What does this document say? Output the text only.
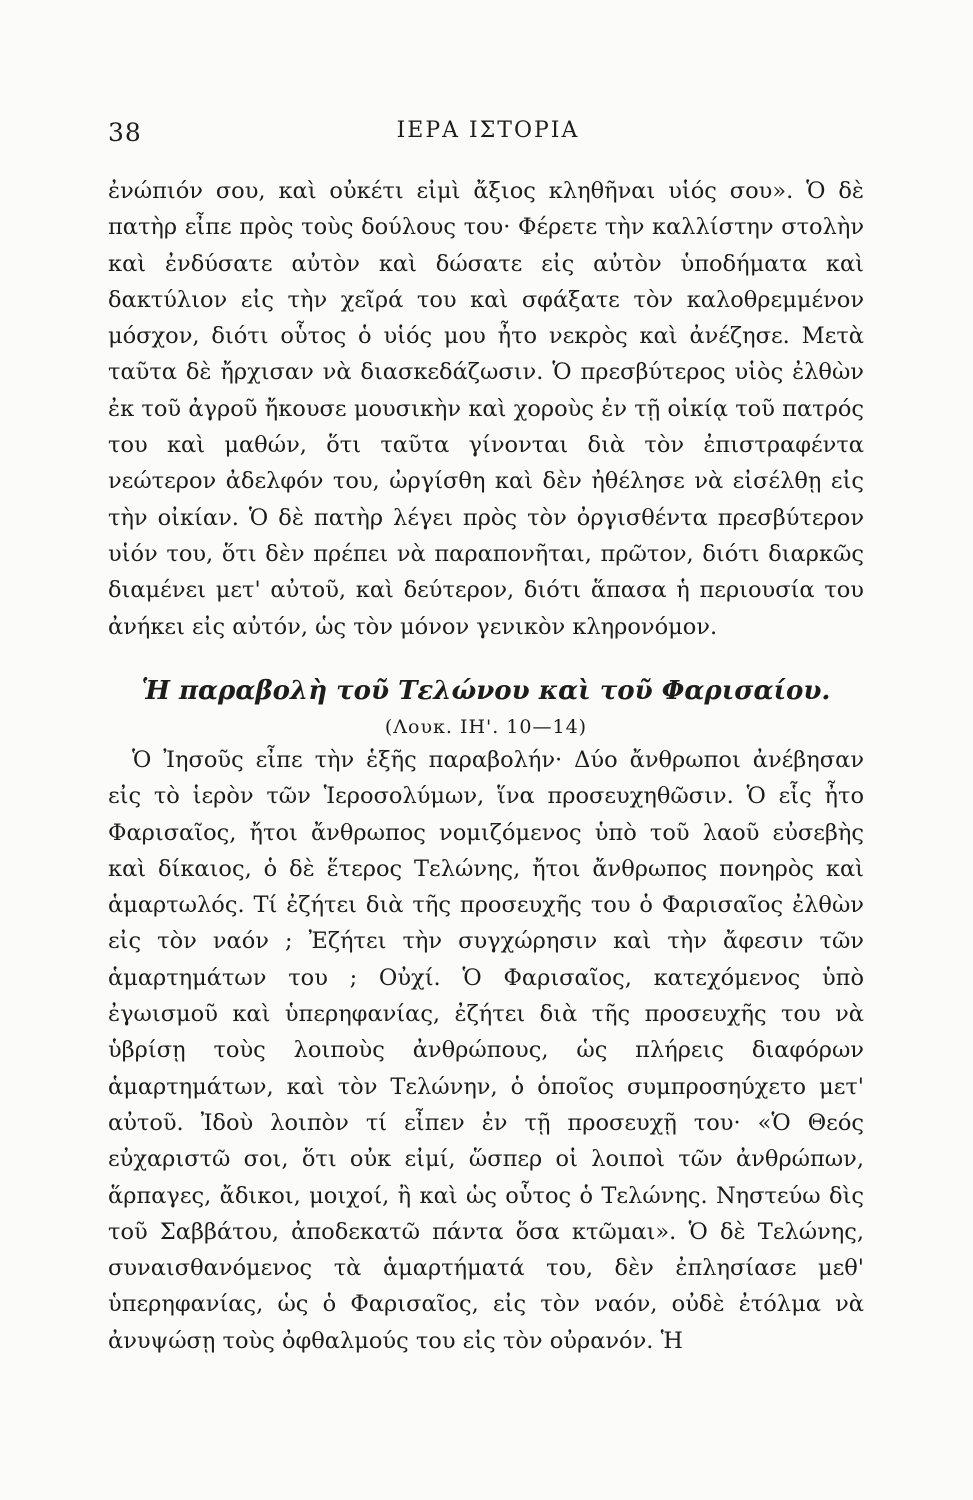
38	ΙΕΡΑ ΙΣΤΟΡΙΑ

ἐνώπιόν σου, καὶ οὐκέτι εἰμὶ ἄξιος κληθῆναι υἱός σου». Ὁ δὲ πατὴρ εἶπε πρὸς τοὺς δούλους του· Φέρετε τὴν καλλίστην στολὴν καὶ ἐνδύσατε αὐτὸν καὶ δώσατε εἰς αὐτὸν ὑποδήματα καὶ δακτύλιον εἰς τὴν χεῖρά του καὶ σφάξατε τὸν καλοθρεμμένον μόσχον, διότι οὗτος ὁ υἱός μου ἦτο νεκρὸς καὶ ἀνέζησε. Μετὰ ταῦτα δὲ ἤρχισαν νὰ διασκεδάζωσιν. Ὁ πρεσβύτερος υἱὸς ἐλθὼν ἐκ τοῦ ἀγροῦ ἤκουσε μουσικὴν καὶ χοροὺς ἐν τῇ οἰκίᾳ τοῦ πατρός του καὶ μαθών, ὅτι ταῦτα γίνονται διὰ τὸν ἐπιστραφέντα νεώτερον ἀδελφόν του, ὠργίσθη καὶ δὲν ἠθέλησε νὰ εἰσέλθῃ εἰς τὴν οἰκίαν. Ὁ δὲ πατὴρ λέγει πρὸς τὸν ὀργισθέντα πρεσβύτερον υἱόν του, ὅτι δὲν πρέπει νὰ παραπονῆται, πρῶτον, διότι διαρκῶς διαμένει μετ' αὐτοῦ, καὶ δεύτερον, διότι ἅπασα ἡ περιουσία του ἀνήκει εἰς αὐτόν, ὡς τὸν μόνον γενικὸν κληρονόμον.

Ἡ παραβολὴ τοῦ Τελώνου καὶ τοῦ Φαρισαίου.
(Λουκ. ΙΗ'. 10—14)

Ὁ Ἰησοῦς εἶπε τὴν ἑξῆς παραβολήν· Δύο ἄνθρωποι ἀνέβησαν εἰς τὸ ἱερὸν τῶν Ἱεροσολύμων, ἵνα προσευχηθῶσιν. Ὁ εἷς ἦτο Φαρισαῖος, ἤτοι ἄνθρωπος νομιζόμενος ὑπὸ τοῦ λαοῦ εὐσεβὴς καὶ δίκαιος, ὁ δὲ ἕτερος Τελώνης, ἤτοι ἄνθρωπος πονηρὸς καὶ ἁμαρτωλός. Τί ἐζήτει διὰ τῆς προσευχῆς του ὁ Φαρισαῖος ἐλθὼν εἰς τὸν ναόν ; Ἐζήτει τὴν συγχώρησιν καὶ τὴν ἄφεσιν τῶν ἁμαρτημάτων του ; Οὐχί. Ὁ Φαρισαῖος, κατεχόμενος ὑπὸ ἐγωισμοῦ καὶ ὑπερηφανίας, ἐζήτει διὰ τῆς προσευχῆς του νὰ ὑβρίσῃ τοὺς λοιποὺς ἀνθρώπους, ὡς πλήρεις διαφόρων ἁμαρτημάτων, καὶ τὸν Τελώνην, ὁ ὁποῖος συμπροσηύχετο μετ' αὐτοῦ. Ἰδοὺ λοιπὸν τί εἶπεν ἐν τῇ προσευχῇ του· «Ὁ Θεός εὐχαριστῶ σοι, ὅτι οὐκ εἰμί, ὥσπερ οἱ λοιποὶ τῶν ἀνθρώπων, ἅρπαγες, ἄδικοι, μοιχοί, ἢ καὶ ὡς οὗτος ὁ Τελώνης. Νηστεύω δὶς τοῦ Σαββάτου, ἀποδεκατῶ πάντα ὅσα κτῶμαι». Ὁ δὲ Τελώνης, συναισθανόμενος τὰ ἁμαρτήματά του, δὲν ἐπλησίασε μεθ' ὑπερηφανίας, ὡς ὁ Φαρισαῖος, εἰς τὸν ναόν, οὐδὲ ἐτόλμα νὰ ἀνυψώσῃ τοὺς ὀφθαλμούς του εἰς τὸν οὐρανόν. Ἡ
